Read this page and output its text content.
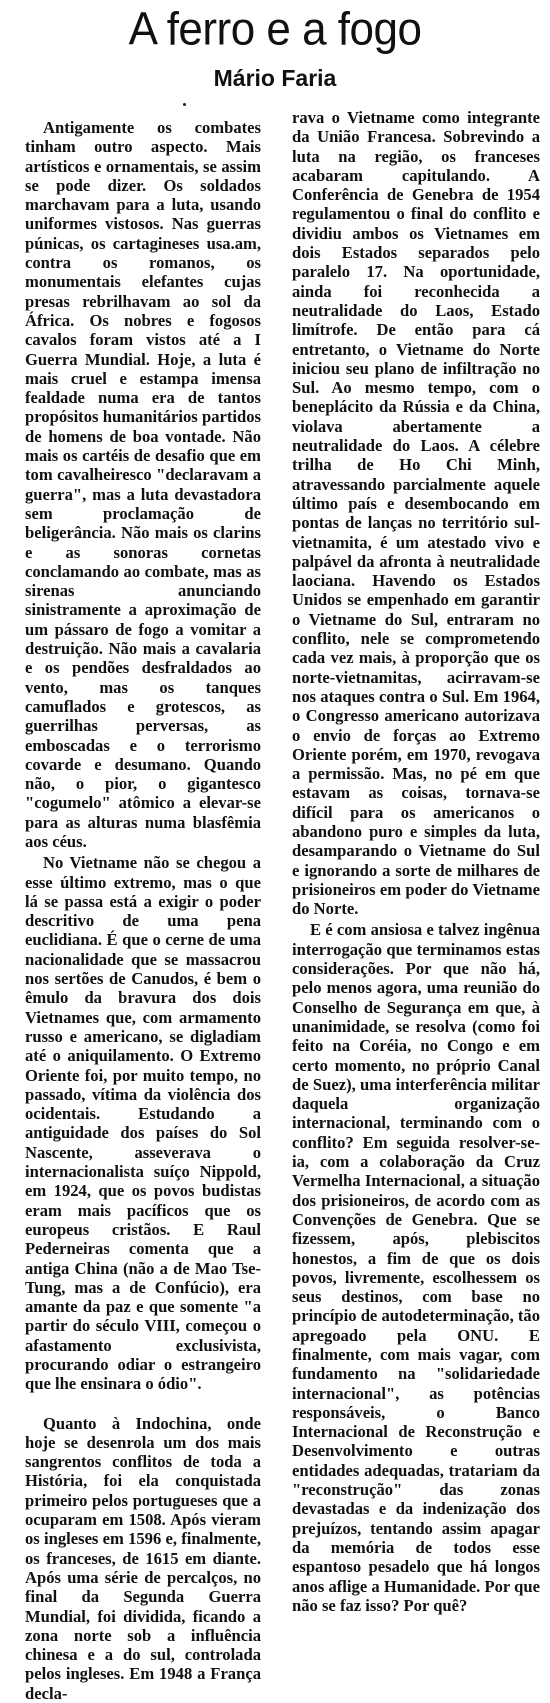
A ferro e a fogo
Mário Faria

Antigamente os combates tinham outro aspecto. Mais artísticos e ornamentais, se assim se pode dizer. Os soldados marchavam para a luta, usando uniformes vistosos. Nas guerras púnicas, os cartagineses usa.am, contra os romanos, os monumentais elefantes cujas presas rebrilhavam ao sol da África. Os nobres e fogosos cavalos foram vistos até a I Guerra Mundial. Hoje, a luta é mais cruel e estampa imensa fealdade numa era de tantos propósitos humanitários partidos de homens de boa vontade. Não mais os cartéis de desafio que em tom cavalheiresco "declaravam a guerra", mas a luta devastadora sem proclamação de beligerância. Não mais os clarins e as sonoras cornetas conclamando ao combate, mas as sirenas anunciando sinistramente a aproximação de um pássaro de fogo a vomitar a destruição. Não mais a cavalaria e os pendões desfraldados ao vento, mas os tanques camuflados e grotescos, as guerrilhas perversas, as emboscadas e o terrorismo covarde e desumano. Quando não, o pior, o gigantesco "cogumelo" atômico a elevar-se para as alturas numa blasfêmia aos céus.

No Vietname não se chegou a esse último extremo, mas o que lá se passa está a exigir o poder descritivo de uma pena euclidiana. É que o cerne de uma nacionalidade que se massacrou nos sertões de Canudos, é bem o êmulo da bravura dos dois Vietnames que, com armamento russo e americano, se digladiam até o aniquilamento. O Extremo Oriente foi, por muito tempo, no passado, vítima da violência dos ocidentais. Estudando a antiguidade dos países do Sol Nascente, asseverava o internacionalista suíço Nippold, em 1924, que os povos budistas eram mais pacíficos que os europeus cristãos. E Raul Pederneiras comenta que a antiga China (não a de Mao Tse-Tung, mas a de Confúcio), era amante da paz e que somente "a partir do século VIII, começou o afastamento exclusivista, procurando odiar o estrangeiro que lhe ensinara o ódio".

Quanto à Indochina, onde hoje se desenrola um dos mais sangrentos conflitos de toda a História, foi ela conquistada primeiro pelos portugueses que a ocuparam em 1508. Após vieram os ingleses em 1596 e, finalmente, os franceses, de 1615 em diante. Após uma série de percalços, no final da Segunda Guerra Mundial, foi dividida, ficando a zona norte sob a influência chinesa e a do sul, controlada pelos ingleses. Em 1948 a França decla-

rava o Vietname como integrante da União Francesa. Sobrevindo a luta na região, os franceses acabaram capitulando. A Conferência de Genebra de 1954 regulamentou o final do conflito e dividiu ambos os Vietnames em dois Estados separados pelo paralelo 17. Na oportunidade, ainda foi reconhecida a neutralidade do Laos, Estado limítrofe. De então para cá entretanto, o Vietname do Norte iniciou seu plano de infiltração no Sul. Ao mesmo tempo, com o beneplácito da Rússia e da China, violava abertamente a neutralidade do Laos. A célebre trilha de Ho Chi Minh, atravessando parcialmente aquele último país e desembocando em pontas de lanças no território sul-vietnamita, é um atestado vivo e palpável da afronta à neutralidade laociana. Havendo os Estados Unidos se empenhado em garantir o Vietname do Sul, entraram no conflito, nele se comprometendo cada vez mais, à proporção que os norte-vietnamitas, acirravam-se nos ataques contra o Sul. Em 1964, o Congresso americano autorizava o envio de forças ao Extremo Oriente porém, em 1970, revogava a permissão. Mas, no pé em que estavam as coisas, tornava-se difícil para os americanos o abandono puro e simples da luta, desamparando o Vietname do Sul e ignorando a sorte de milhares de prisioneiros em poder do Vietname do Norte.

E é com ansiosa e talvez ingênua interrogação que terminamos estas considerações. Por que não há, pelo menos agora, uma reunião do Conselho de Segurança em que, à unanimidade, se resolva (como foi feito na Coréia, no Congo e em certo momento, no próprio Canal de Suez), uma interferência militar daquela organização internacional, terminando com o conflito? Em seguida resolver-se-ia, com a colaboração da Cruz Vermelha Internacional, a situação dos prisioneiros, de acordo com as Convenções de Genebra. Que se fizessem, após, plebiscitos honestos, a fim de que os dois povos, livremente, escolhessem os seus destinos, com base no princípio de autodeterminação, tão apregoado pela ONU. E finalmente, com mais vagar, com fundamento na "solidariedade internacional", as potências responsáveis, o Banco Internacional de Reconstrução e Desenvolvimento e outras entidades adequadas, tratariam da "reconstrução" das zonas devastadas e da indenização dos prejuízos, tentando assim apagar da memória de todos esse espantoso pesadelo que há longos anos aflige a Humanidade. Por que não se faz isso? Por quê?
